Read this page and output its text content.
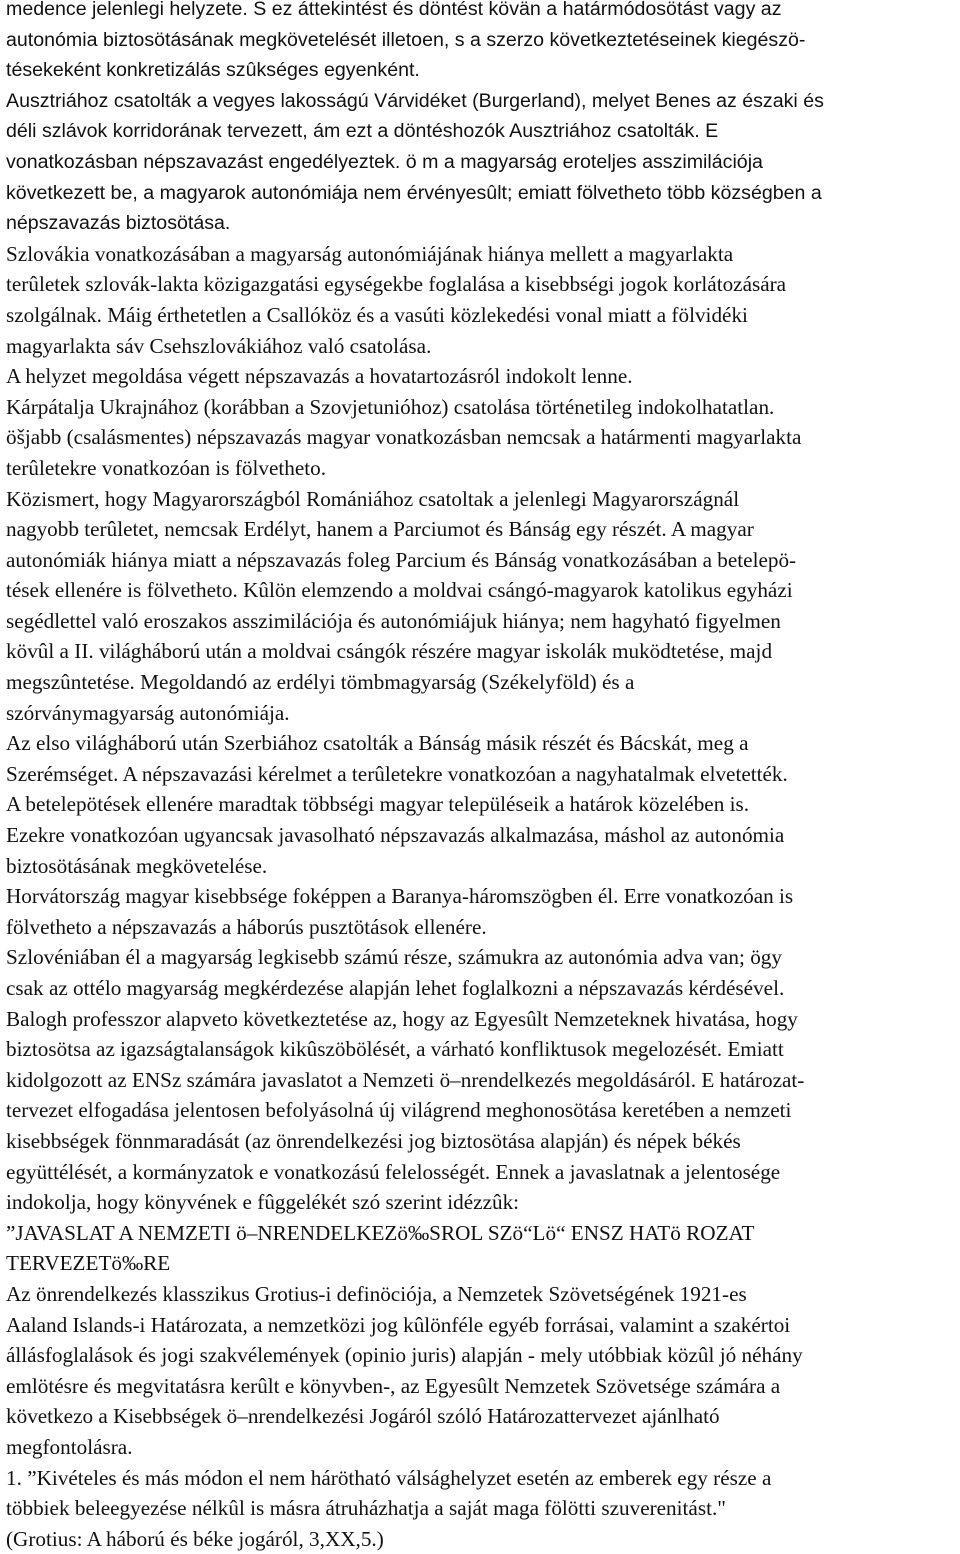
medence jelenlegi helyzete. S ez áttekintést és döntést kövän a határmódosötást vagy az
autonómia biztosötásának megkövetelését illetoen, s a szerzo következtetéseinek kiegészö-
tésekeként konkretizálás szûkséges egyenként.
Ausztriához csatolták a vegyes lakosságú Várvidéket (Burgerland), melyet Benes az északi és
déli szlávok korridorának tervezett, ám ezt a döntéshozók Ausztriához csatolták. E
vonatkozásban népszavazást engedélyeztek. ö m a magyarság eroteljes asszimilációja
következett be, a magyarok autonómiája nem érvényesûlt; emiatt fölvetheto több községben a
népszavazás biztosötása.
Szlovákia vonatkozásában a magyarság autonómiájának hiánya mellett a magyarlakta
terûletek szlovák-lakta közigazgatási egységekbe foglalása a kisebbségi jogok korlátozására
szolgálnak. Máig érthetetlen a Csallóköz és a vasúti közlekedési vonal miatt a fölvidéki
magyarlakta sáv Csehszlovákiához való csatolása.
A helyzet megoldása végett népszavazás a hovatartozásról indokolt lenne.
Kárpátalja Ukrajnához (korábban a Szovjetunióhoz) csatolása történetileg indokolhatatlan.
öšjabb (csalásmentes) népszavazás magyar vonatkozásban nemcsak a határmenti magyarlakta
terûletekre vonatkozóan is fölvetheto.
Közismert, hogy Magyarországból Romániához csatoltak a jelenlegi Magyarországnál
nagyobb terûletet, nemcsak Erdélyt, hanem a Parciumot és Bánság egy részét. A magyar
autonómiák hiánya miatt a népszavazás foleg Parcium és Bánság vonatkozásában a betelepö-
tések ellenére is fölvetheto. Kûlön elemzendo a moldvai csángó-magyarok katolikus egyházi
segédlettel való eroszakos asszimilációja és autonómiájuk hiánya; nem hagyható figyelmen
kövûl a II. világháború után a moldvai csángók részére magyar iskolák muködtetése, majd
megszûntetése. Megoldandó az erdélyi tömbmagyarság (Székelyföld) és a
szórványmagyarság autonómiája.
Az elso világháború után Szerbiához csatolták a Bánság másik részét és Bácskát, meg a
Szerémséget. A népszavazási kérelmet a terûletekre vonatkozóan a nagyhatalmak elvetették.
A betelepötések ellenére maradtak többségi magyar településeik a határok közelében is.
Ezekre vonatkozóan ugyancsak javasolható népszavazás alkalmazása, máshol az autonómia
biztosötásának megkövetelése.
Horvátország magyar kisebbsége foképpen a Baranya-háromszögben él. Erre vonatkozóan is
fölvetheto a népszavazás a háborús pusztötások ellenére.
Szlovéniában él a magyarság legkisebb számú része, számukra az autonómia adva van; ögy
csak az ottélo magyarság megkérdezése alapján lehet foglalkozni a népszavazás kérdésével.
Balogh professzor alapveto következtetése az, hogy az Egyesûlt Nemzeteknek hivatása, hogy
biztosötsa az igazságtalanságok kikûszöbölését, a várható konfliktusok megelozését. Emiatt
kidolgozott az ENSz számára javaslatot a Nemzeti ö–nrendelkezés megoldásáról. E határozat-
tervezet elfogadása jelentosen befolyásolná új világrend meghonosötása keretében a nemzeti
kisebbségek fönnmaradását (az önrendelkezési jog biztosötása alapján) és népek békés
együttélését, a kormányzatok e vonatkozású felelosségét. Ennek a javaslatnak a jelentosége
indokolja, hogy könyvének e fûggelékét szó szerint idézzûk:
”JAVASLAT A NEMZETI ö–NRENDELKEZö‰SROL SZö“Lö“ ENSZ HATö ROZAT
TERVEZETö‰RE
Az önrendelkezés klasszikus Grotius-i definöciója, a Nemzetek Szövetségének 1921-es
Aaland Islands-i Határozata, a nemzetközi jog kûlönféle egyéb forrásai, valamint a szakértoi
állásfoglalások és jogi szakvélemények (opinio juris) alapján - mely utóbbiak közûl jó néhány
emlötésre és megvitatásra kerûlt e könyvben-, az Egyesûlt Nemzetek Szövetsége számára a
következo a Kisebbségek ö–nrendelkezési Jogáról szóló Határozattervezet ajánlható
megfontolásra.
1. ”Kivételes és más módon el nem hárötható válsághelyzet esetén az emberek egy része a
többiek beleegyezése nélkûl is másra átruházhatja a saját maga fölötti szuverenitást."
(Grotius: A háború és béke jogáról, 3,XX,5.)
